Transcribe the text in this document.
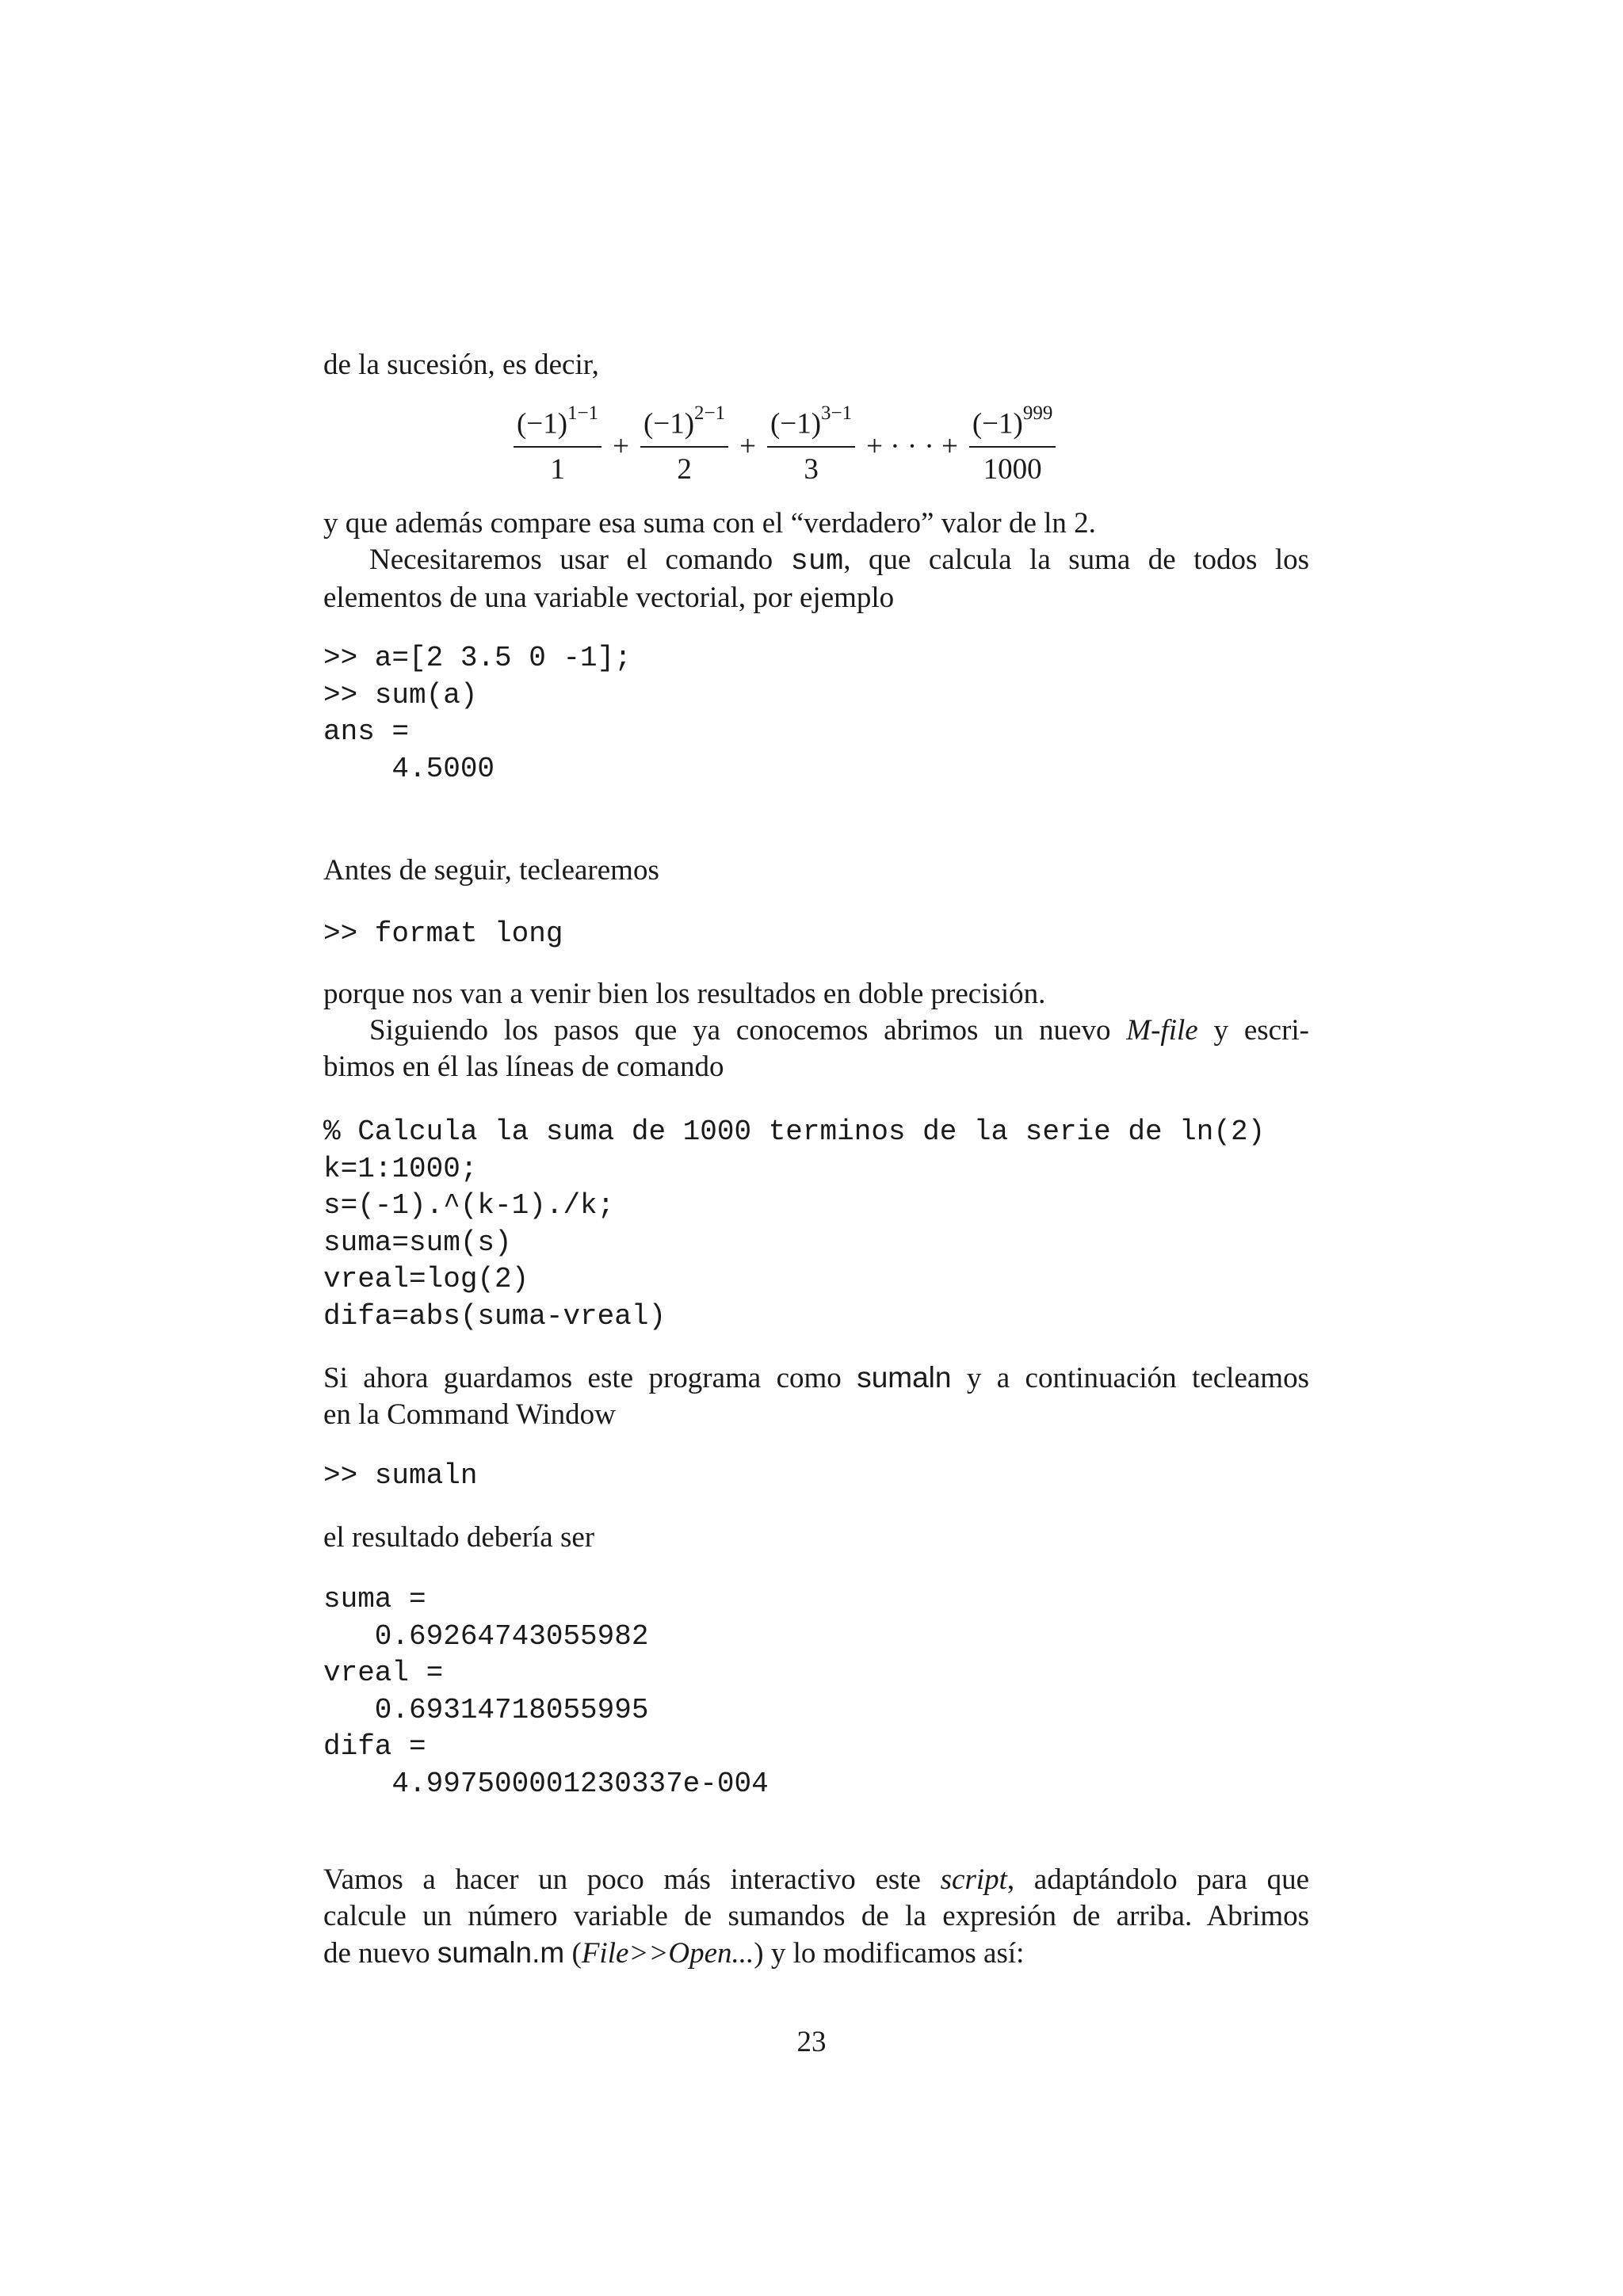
de la sucesión, es decir,

$\frac{(-1)^{1-1}}{1} + \frac{(-1)^{2-1}}{2} + \frac{(-1)^{3-1}}{3}$ + · · · + $\frac{(-1)^{999}}{1000}$

y que además compare esa suma con el “verdadero” valor de ln 2.

Necesitaremos usar el comando sum, que calcula la suma de todos los
elementos de una variable vectorial, por ejemplo

>> a=[2 3.5 0 -1];
>> sum(a)
ans =
4.5000

Antes de seguir, teclearemos

>> format long

porque nos van a venir bien los resultados en doble precisión.
Siguiendo los pasos que ya conocemos abrimos un nuevo M-file y escri-
bimos en él las líneas de comando

% Calcula la suma de 1000 terminos de la serie de ln(2)
k=1:1000;
s=(-1).^(k-1)./k;
suma=sum(s)
vreal=log(2)
difa=abs(suma-vreal)

Si ahora guardamos este programa como sumaln y a continuación tecleamos
en la Command Window

>> sumaln

el resultado debería ser

suma =
0.69264743055982
vreal =
0.69314718055995
difa =
4.997500001230337e-004

Vamos a hacer un poco más interactivo este script, adaptándolo para que
calcule un número variable de sumandos de la expresión de arriba. Abrimos
de nuevo sumaln.m (File>>Open...) y lo modificamos así:

23
